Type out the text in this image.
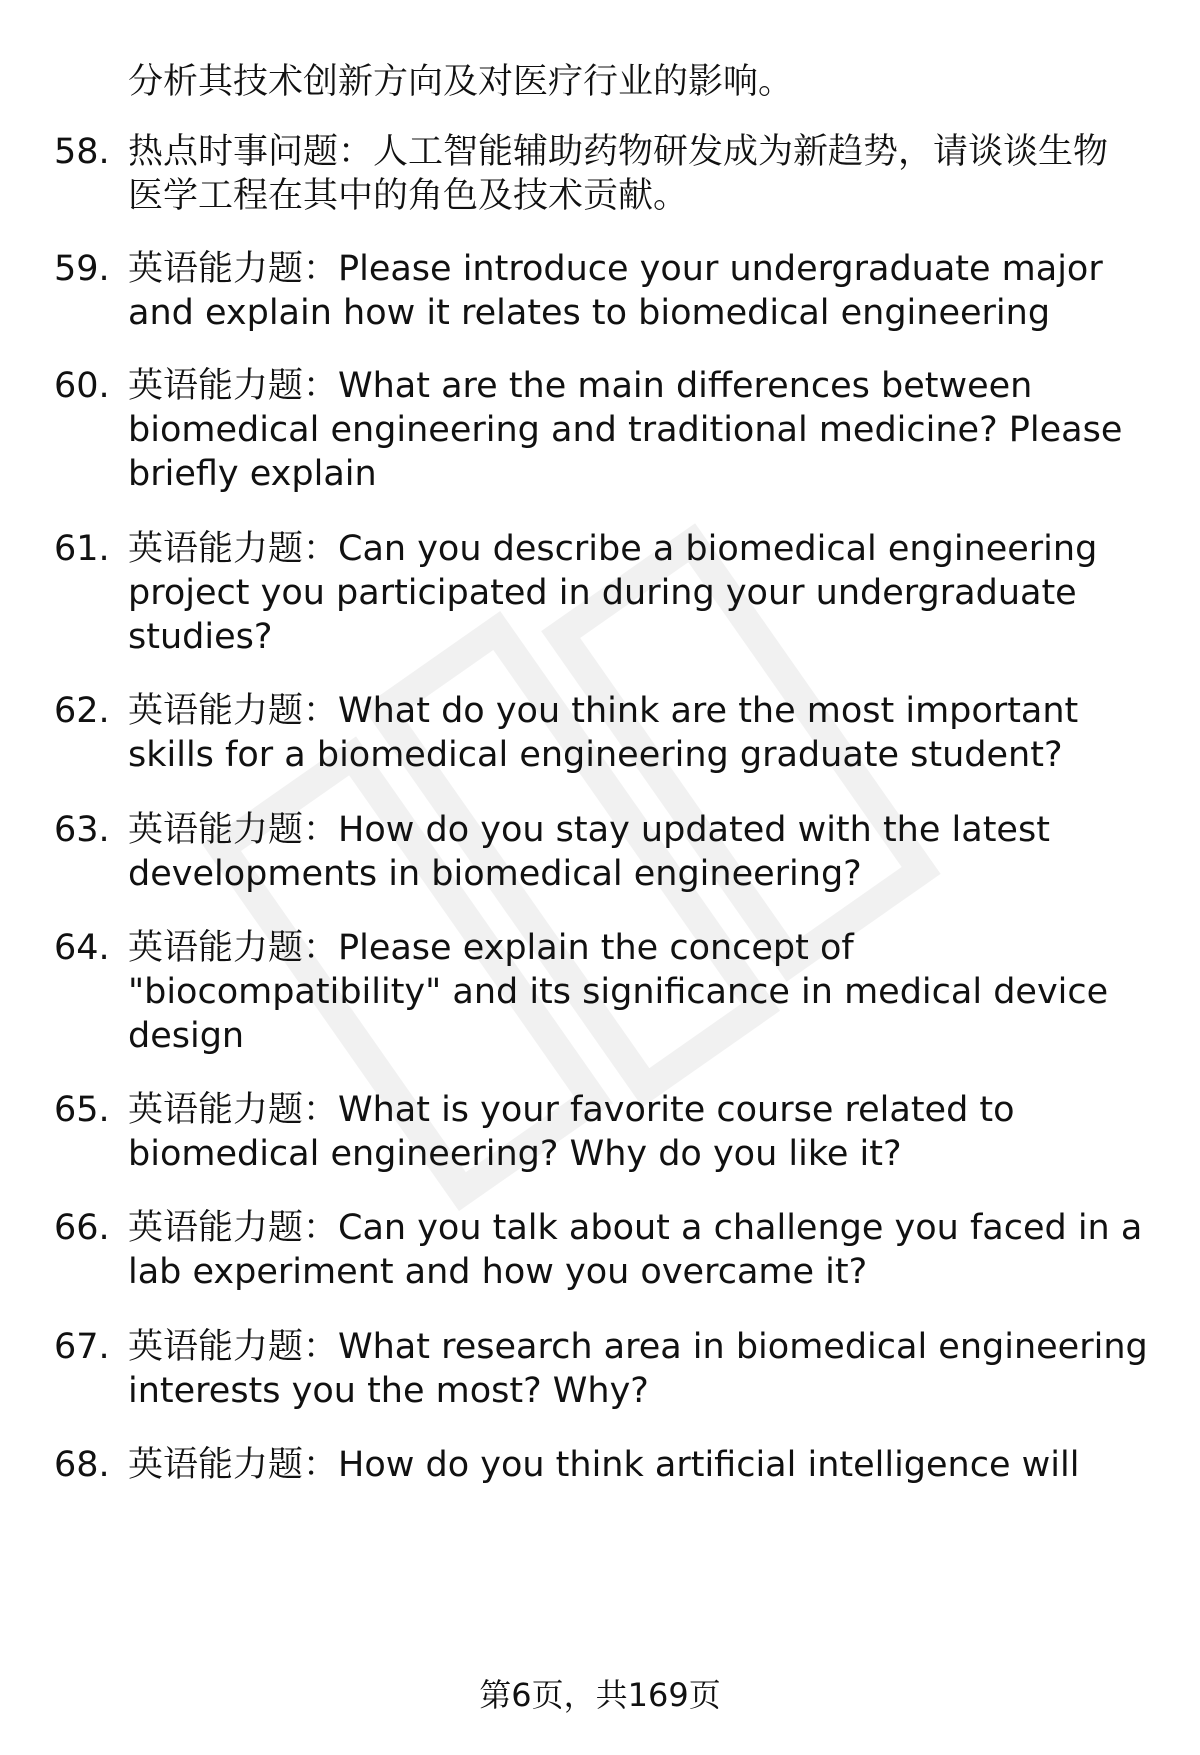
分析其技术创新方向及对医疗行业的影响。
58. 热点时事问题：人工智能辅助药物研发成为新趋势，请谈谈生物
医学工程在其中的角色及技术贡献。
59. 英语能力题：Please introduce your undergraduate major
and explain how it relates to biomedical engineering
60. 英语能力题：What are the main differences between
biomedical engineering and traditional medicine? Please
briefly explain
61. 英语能力题：Can you describe a biomedical engineering
project you participated in during your undergraduate
studies?
62. 英语能力题：What do you think are the most important
skills for a biomedical engineering graduate student?
63. 英语能力题：How do you stay updated with the latest
developments in biomedical engineering?
64. 英语能力题：Please explain the concept of
"biocompatibility" and its significance in medical device
design
65. 英语能力题：What is your favorite course related to
biomedical engineering? Why do you like it?
66. 英语能力题：Can you talk about a challenge you faced in a
lab experiment and how you overcame it?
67. 英语能力题：What research area in biomedical engineering
interests you the most? Why?
68. 英语能力题：How do you think artificial intelligence will
第6页，共169页
